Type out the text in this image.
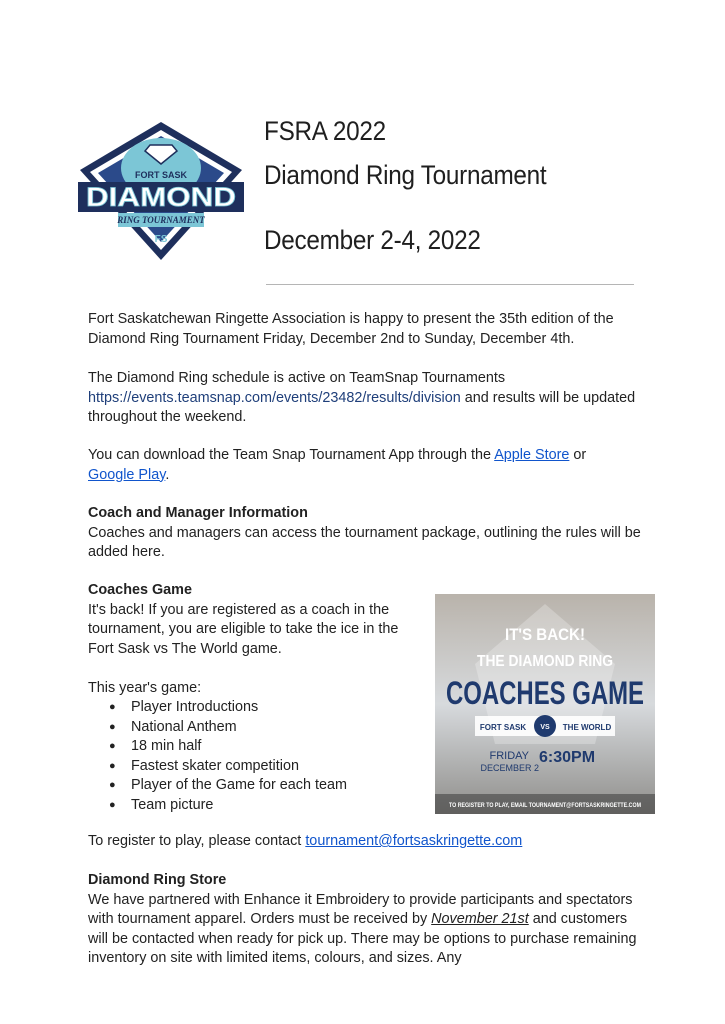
FORT SASK
DIAMOND
RING TOURNAMENT
FS
FSRA 2022
Diamond Ring Tournament
December 2-4, 2022

Fort Saskatchewan Ringette Association is happy to present the 35th edition of the Diamond Ring Tournament Friday, December 2nd to Sunday, December 4th.

The Diamond Ring schedule is active on TeamSnap Tournaments
https://events.teamsnap.com/events/23482/results/division and results will be updated throughout the weekend.

You can download the Team Snap Tournament App through the Apple Store or
Google Play.

Coach and Manager Information

Coaches and managers can access the tournament package, outlining the rules will be added here.

Coaches Game

It's back! If you are registered as a coach in the tournament, you are eligible to take the ice in the Fort Sask vs The World game.

This year's game:

● Player Introductions
● National Anthem
● 18 min half
● Fastest skater competition
● Player of the Game for each team
● Team picture

To register to play, please contact tournament@fortsaskringette.com

Diamond Ring Store

We have partnered with Enhance it Embroidery to provide participants and spectators with tournament apparel. Orders must be received by November 21st and customers will be contacted when ready for pick up. There may be options to purchase remaining inventory on site with limited items, colours, and sizes. Any

IT'S BACK!
THE DIAMOND RING
COACHES GAME
FORT SASK VS THE WORLD
FRIDAY
DECEMBER 2
6:30PM
TO REGISTER TO PLAY, EMAIL TOURNAMENT@FORTSASKRINGETTE.COM
